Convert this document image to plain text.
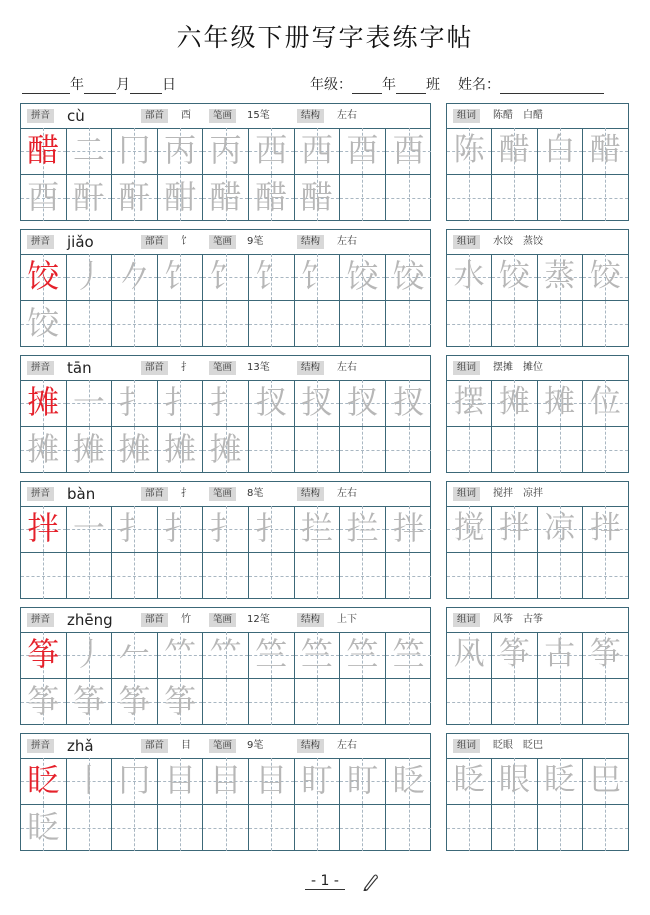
六年级下册写字表练字帖
年 月 日	年级： 年 班 姓名：
拼音 cù	部首	酉	笔画	15笔	结构	左右
醋 二 冂 丙 丙 西 西 酉 酉
酉 酐 酐 酣 醋 醋 醋
组词	陈醋　白醋
陈 醋 白 醋
拼音 jiǎo	部首	饣	笔画	9笔	结构	左右
饺 丿 𠂊 饣 饣 饣 饣 饺 饺
饺
组词	水饺　蒸饺
水 饺 蒸 饺
拼音 tān	部首	扌	笔画	13笔	结构	左右
摊 一 扌 扌 扌 扠 扠 扠 扠
摊 摊 摊 摊 摊
组词	摆摊　摊位
摆 摊 摊 位
拼音 bàn	部首	扌	笔画	8笔	结构	左右
拌 一 扌 扌 扌 扌 拦 拦 拌
组词	搅拌　凉拌
搅 拌 凉 拌
拼音 zhēng	部首	竹	笔画	12笔	结构	上下
筝 丿 𠂉 𥫗 𥫗 竺 竺 竺 竺
筝 筝 筝 筝
组词	风筝　古筝
风 筝 古 筝
拼音 zhǎ	部首	目	笔画	9笔	结构	左右
眨 丨 冂 目 目 目 盯 盯 眨
眨
组词	眨眼　眨巴
眨 眼 眨 巴
- 1 -
